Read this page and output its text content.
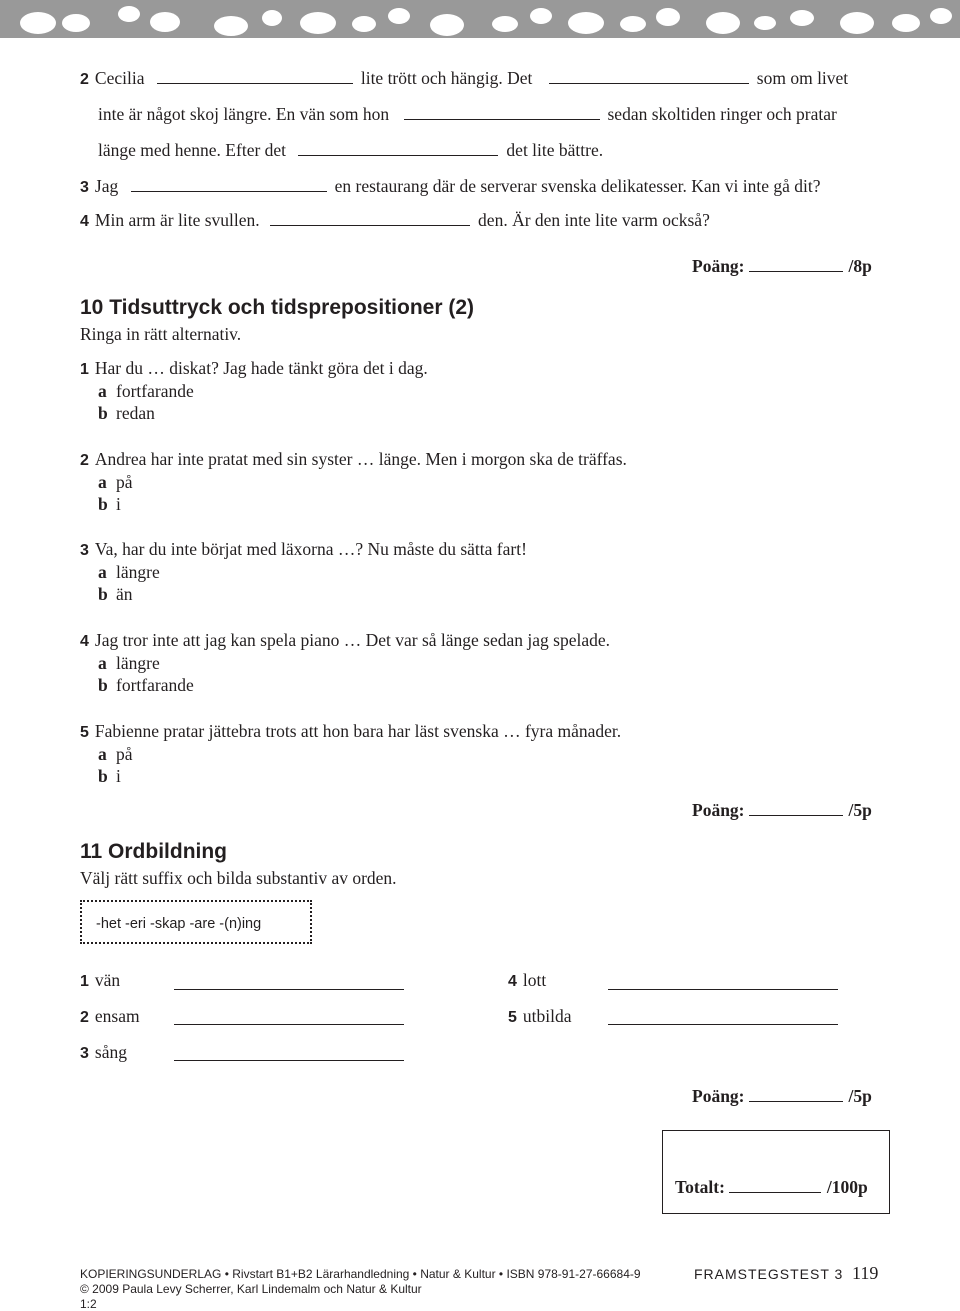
2 Cecilia	lite trött och hängig. Det	som om livet
inte är något skoj längre. En vän som hon	sedan skoltiden ringer och pratar
länge med henne. Efter det	det lite bättre.
3 Jag	en restaurang där de serverar svenska delikatesser. Kan vi inte gå dit?
4 Min arm är lite svullen.	den. Är den inte lite varm också?
Poäng:	/8p
10 Tidsuttryck och tidsprepositioner (2)
Ringa in rätt alternativ.
1 Har du … diskat? Jag hade tänkt göra det i dag.
a fortfarande
b redan
2 Andrea har inte pratat med sin syster … länge. Men i morgon ska de träffas.
a på
b i
3 Va, har du inte börjat med läxorna …? Nu måste du sätta fart!
a längre
b än
4 Jag tror inte att jag kan spela piano … Det var så länge sedan jag spelade.
a längre
b fortfarande
5 Fabienne pratar jättebra trots att hon bara har läst svenska … fyra månader.
a på
b i
Poäng:	/5p
11 Ordbildning
Välj rätt suffix och bilda substantiv av orden.
-het -eri -skap -are -(n)ing
1 vän
2 ensam
3 sång
4 lott
5 utbilda
Poäng:	/5p
Totalt:	/100p
KOPIERINGSUNDERLAG • Rivstart B1+B2 Lärarhandledning • Natur & Kultur • ISBN 978-91-27-66684-9
© 2009 Paula Levy Scherrer, Karl Lindemalm och Natur & Kultur
1:2
FRAMSTEGSTEST 3 119
